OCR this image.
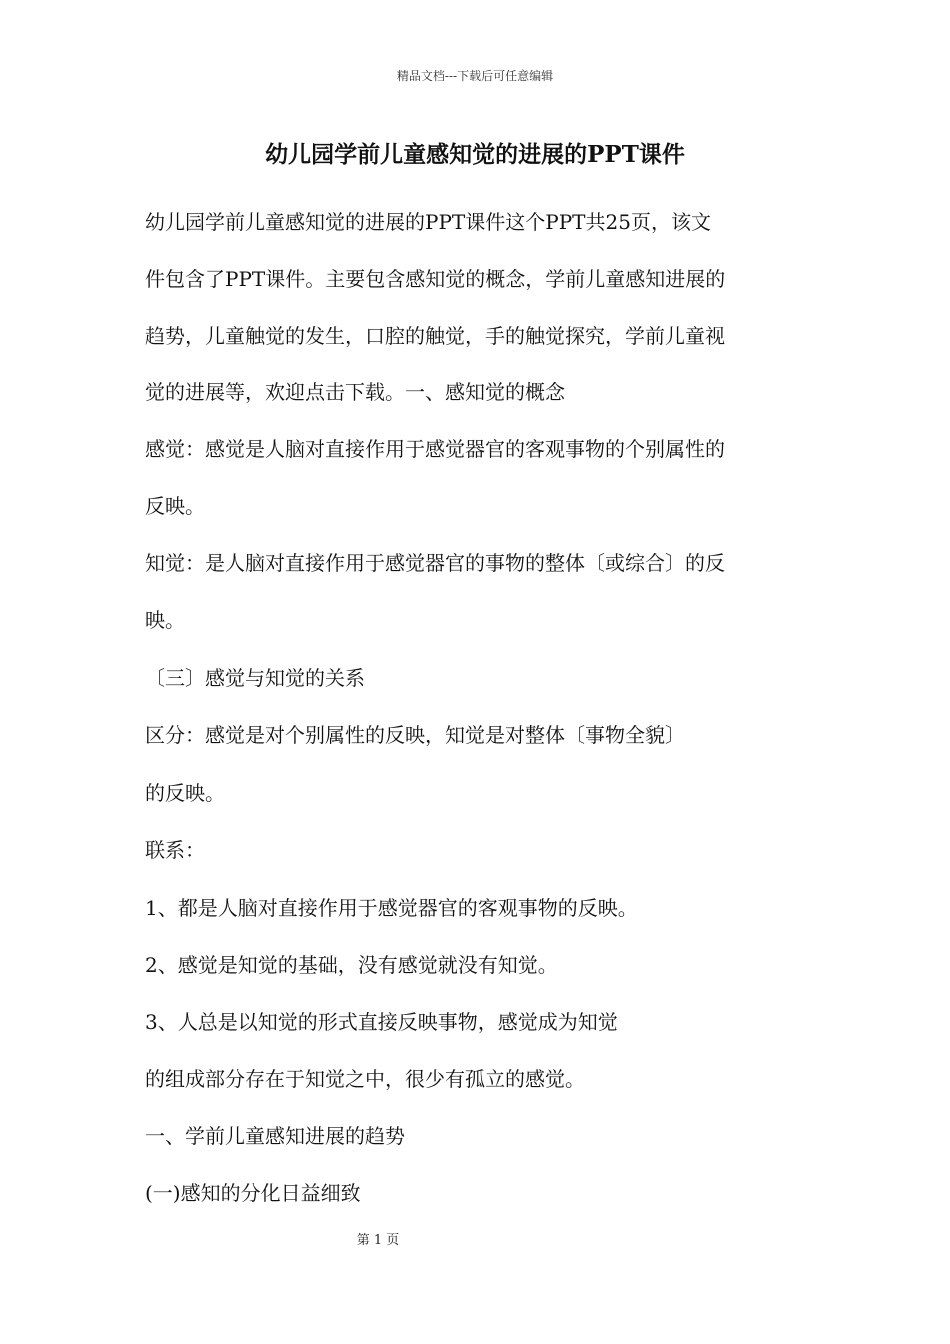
精品文档---下载后可任意编辑
幼儿园学前儿童感知觉的进展的PPT课件
幼儿园学前儿童感知觉的进展的PPT课件这个PPT共25页，该文
件包含了PPT课件。主要包含感知觉的概念，学前儿童感知进展的
趋势，儿童触觉的发生，口腔的触觉，手的触觉探究，学前儿童视
觉的进展等，欢迎点击下载。一、感知觉的概念
感觉：感觉是人脑对直接作用于感觉器官的客观事物的个别属性的
反映。
知觉：是人脑对直接作用于感觉器官的事物的整体〔或综合〕的反
映。
〔三〕感觉与知觉的关系
区分：感觉是对个别属性的反映，知觉是对整体〔事物全貌〕
的反映。
联系：
1、都是人脑对直接作用于感觉器官的客观事物的反映。
2、感觉是知觉的基础，没有感觉就没有知觉。
3、人总是以知觉的形式直接反映事物，感觉成为知觉
的组成部分存在于知觉之中，很少有孤立的感觉。
一、学前儿童感知进展的趋势
(一)感知的分化日益细致
第 1 页
